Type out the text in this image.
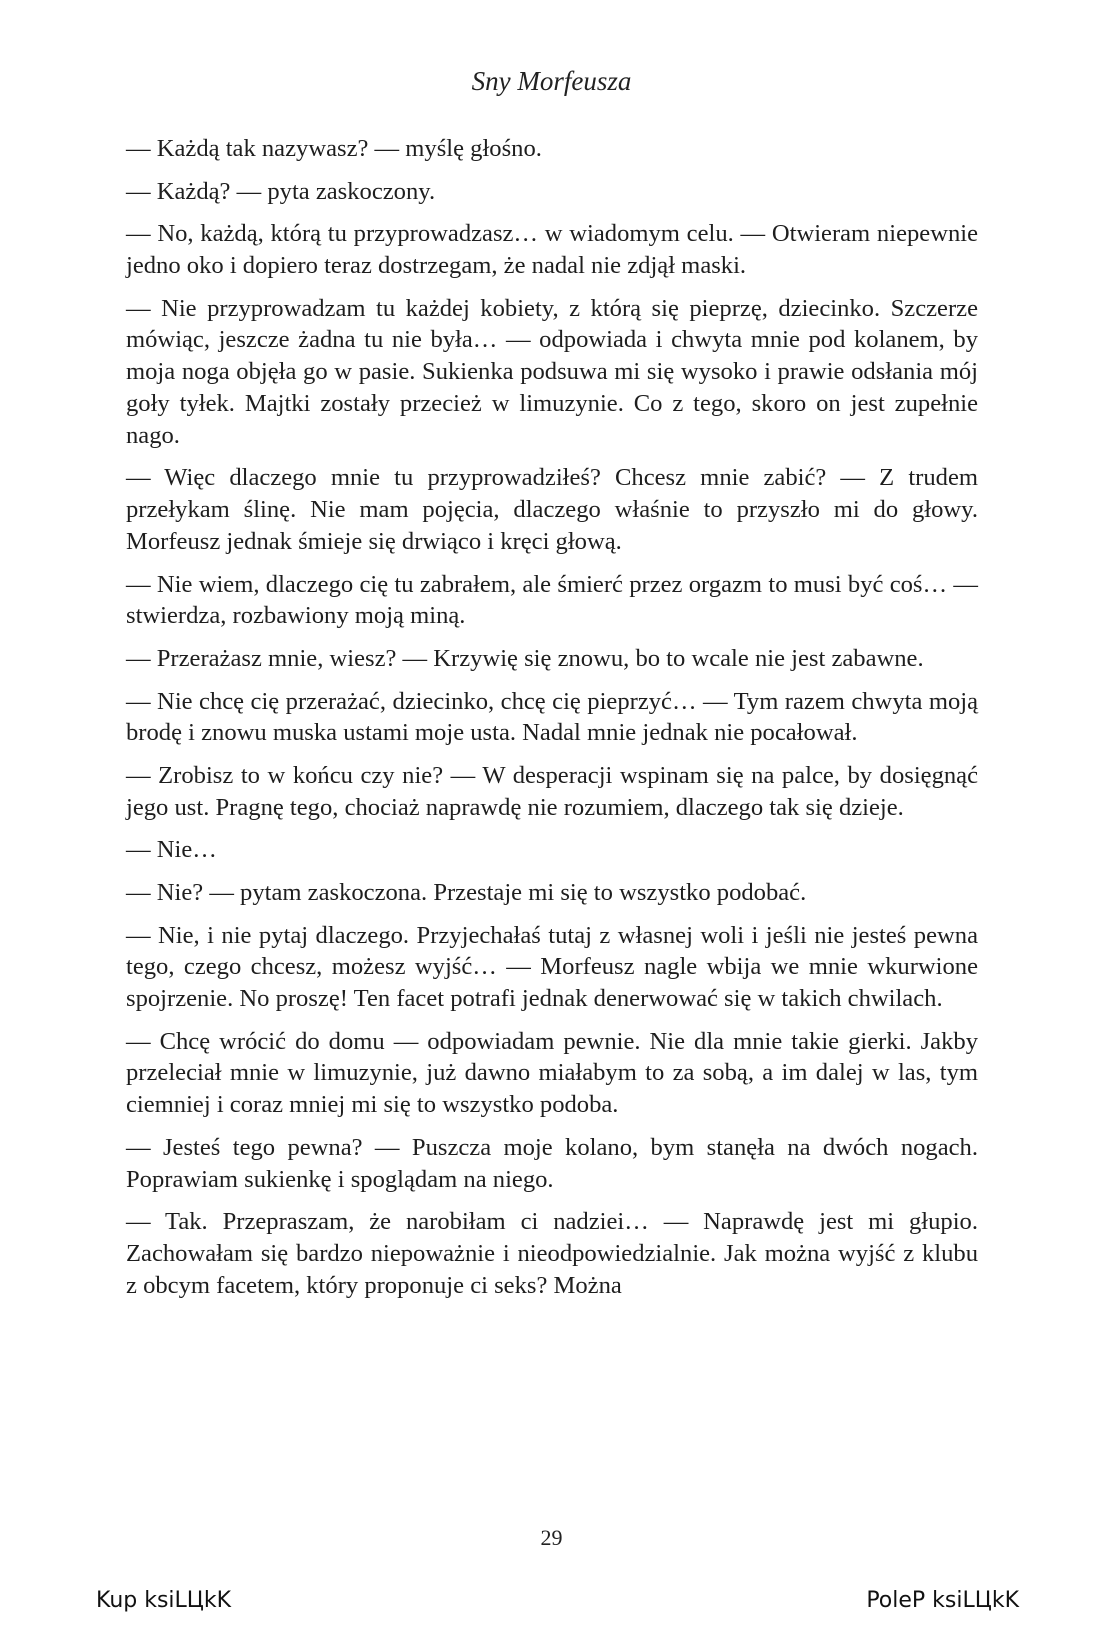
Sny Morfeusza

— Każdą tak nazywasz? — myślę głośno.

— Każdą? — pyta zaskoczony.

— No, każdą, którą tu przyprowadzasz… w wiadomym celu. — Otwieram niepewnie jedno oko i dopiero teraz dostrzegam, że nadal nie zdjął maski.

— Nie przyprowadzam tu każdej kobiety, z którą się pieprzę, dziecinko. Szczerze mówiąc, jeszcze żadna tu nie była… — odpowiada i chwyta mnie pod kolanem, by moja noga objęła go w pasie. Sukienka podsuwa mi się wysoko i prawie odsłania mój goły tyłek. Majtki zostały przecież w limuzynie. Co z tego, skoro on jest zupełnie nago.

— Więc dlaczego mnie tu przyprowadziłeś? Chcesz mnie zabić? — Z trudem przełykam ślinę. Nie mam pojęcia, dlaczego właśnie to przyszło mi do głowy. Morfeusz jednak śmieje się drwiąco i kręci głową.

— Nie wiem, dlaczego cię tu zabrałem, ale śmierć przez orgazm to musi być coś… — stwierdza, rozbawiony moją miną.

— Przerażasz mnie, wiesz? — Krzywię się znowu, bo to wcale nie jest zabawne.

— Nie chcę cię przerażać, dziecinko, chcę cię pieprzyć… — Tym razem chwyta moją brodę i znowu muska ustami moje usta. Nadal mnie jednak nie pocałował.

— Zrobisz to w końcu czy nie? — W desperacji wspinam się na palce, by dosięgnąć jego ust. Pragnę tego, chociaż naprawdę nie rozumiem, dlaczego tak się dzieje.

— Nie…

— Nie? — pytam zaskoczona. Przestaje mi się to wszystko podobać.

— Nie, i nie pytaj dlaczego. Przyjechałaś tutaj z własnej woli i jeśli nie jesteś pewna tego, czego chcesz, możesz wyjść… — Morfeusz nagle wbija we mnie wkurwione spojrzenie. No proszę! Ten facet potrafi jednak denerwować się w takich chwilach.

— Chcę wrócić do domu — odpowiadam pewnie. Nie dla mnie takie gierki. Jakby przeleciał mnie w limuzynie, już dawno miałabym to za sobą, a im dalej w las, tym ciemniej i coraz mniej mi się to wszystko podoba.

— Jesteś tego pewna? — Puszcza moje kolano, bym stanęła na dwóch nogach. Poprawiam sukienkę i spoglądam na niego.

— Tak. Przepraszam, że narobiłam ci nadziei… — Naprawdę jest mi głupio. Zachowałam się bardzo niepoważnie i nieodpowiedzialnie. Jak można wyjść z klubu z obcym facetem, który proponuje ci seks? Można

29
Kup ksiLЦkK	PoleP ksiLЦkK
